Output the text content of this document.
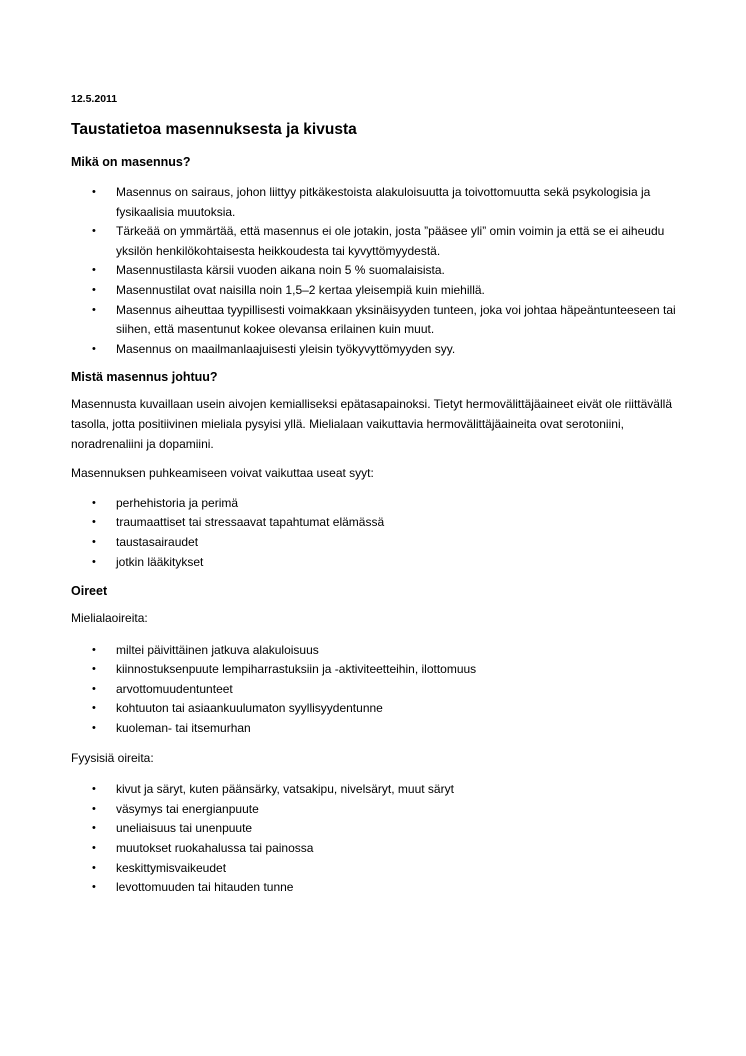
12.5.2011
Taustatietoa masennuksesta ja kivusta
Mikä on masennus?
• Masennus on sairaus, johon liittyy pitkäkestoista alakuloisuutta ja toivottomuutta sekä psykologisia ja fysikaalisia muutoksia.
• Tärkeää on ymmärtää, että masennus ei ole jotakin, josta ”pääsee yli” omin voimin ja että se ei aiheudu yksilön henkilökohtaisesta heikkoudesta tai kyvyttömyydestä.
• Masennustilasta kärsii vuoden aikana noin 5 % suomalaisista.
• Masennustilat ovat naisilla noin 1,5–2 kertaa yleisempiä kuin miehillä.
• Masennus aiheuttaa tyypillisesti voimakkaan yksinäisyyden tunteen, joka voi johtaa häpeäntunteeseen tai siihen, että masentunut kokee olevansa erilainen kuin muut.
• Masennus on maailmanlaajuisesti yleisin työkyvyttömyyden syy.
Mistä masennus johtuu?

Masennusta kuvaillaan usein aivojen kemialliseksi epätasapainoksi. Tietyt hermovälittäjäaineet eivät ole riittävällä tasolla, jotta positiivinen mieliala pysyisi yllä. Mielialaan vaikuttavia hermovälittäjäaineita ovat serotoniini, noradrenaliini ja dopamiini.

Masennuksen puhkeamiseen voivat vaikuttaa useat syyt:

• perhehistoria ja perimä
• traumaattiset tai stressaavat tapahtumat elämässä
• taustasairaudet
• jotkin lääkitykset
Oireet

Mielialaoireita:

• miltei päivittäinen jatkuva alakuloisuus
• kiinnostuksenpuute lempiharrastuksiin ja -aktiviteetteihin, ilottomuus
• arvottomuudentunteet
• kohtuuton tai asiaankuulumaton syyllisyydentunne
• kuoleman- tai itsemurhan

Fyysisiä oireita:

• kivut ja säryt, kuten päänsärky, vatsakipu, nivelsäryt, muut säryt
• väsymys tai energianpuute
• uneliaisuus tai unenpuute
• muutokset ruokahalussa tai painossa
• keskittymisvaikeudet
• levottomuuden tai hitauden tunne
